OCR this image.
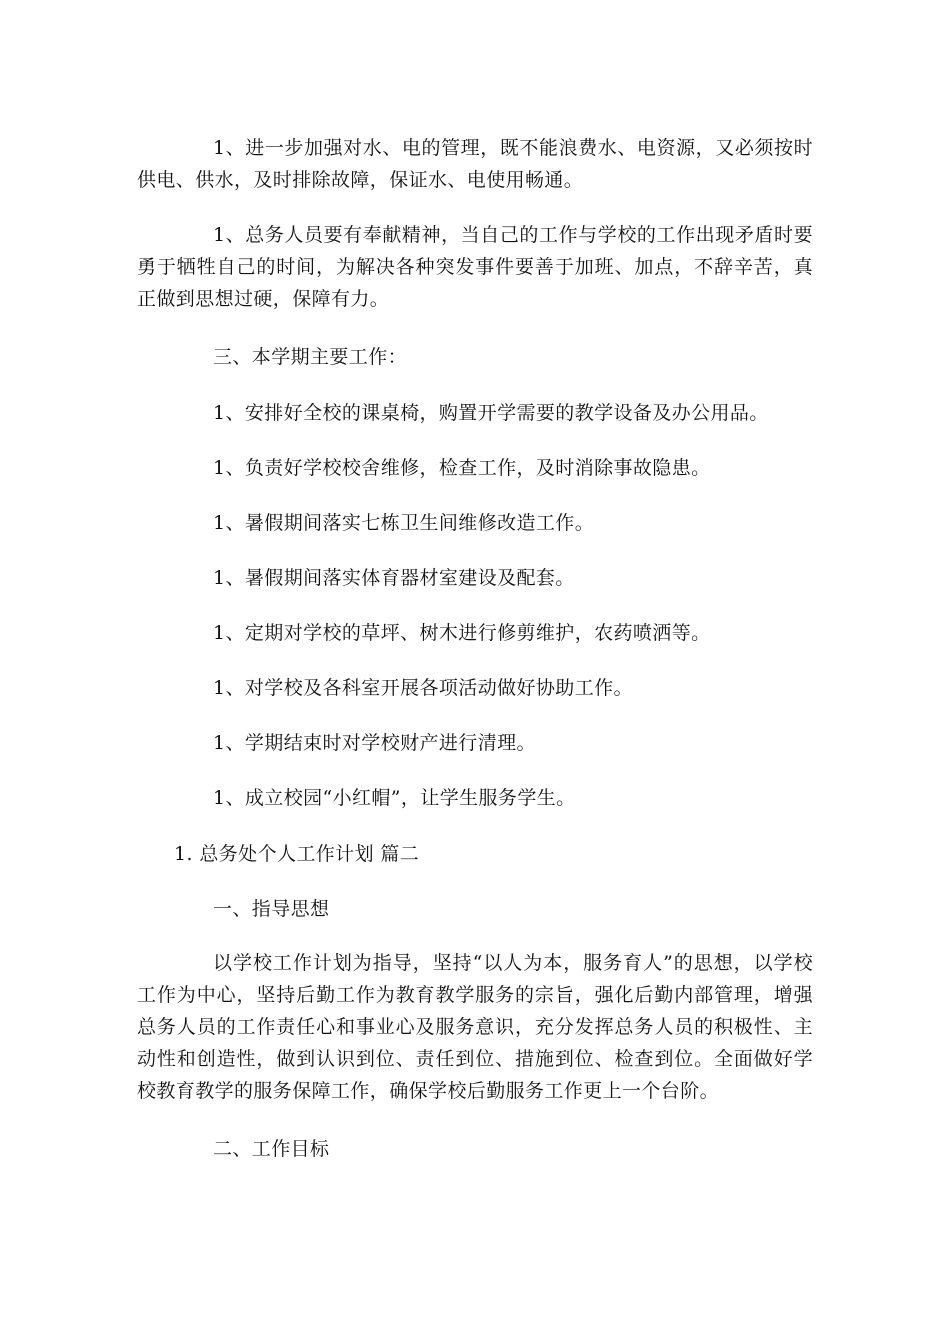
1、进一步加强对水、电的管理，既不能浪费水、电资源，又必须按时供电、供水，及时排除故障，保证水、电使用畅通。

1、总务人员要有奉献精神，当自己的工作与学校的工作出现矛盾时要勇于牺牲自己的时间，为解决各种突发事件要善于加班、加点，不辞辛苦，真正做到思想过硬，保障有力。

三、本学期主要工作：

1、安排好全校的课桌椅，购置开学需要的教学设备及办公用品。

1、负责好学校校舍维修，检查工作，及时消除事故隐患。

1、暑假期间落实七栋卫生间维修改造工作。

1、暑假期间落实体育器材室建设及配套。

1、定期对学校的草坪、树木进行修剪维护，农药喷洒等。

1、对学校及各科室开展各项活动做好协助工作。

1、学期结束时对学校财产进行清理。

1、成立校园“小红帽”，让学生服务学生。

1. 总务处个人工作计划 篇二

一、指导思想

以学校工作计划为指导，坚持“以人为本，服务育人”的思想，以学校工作为中心，坚持后勤工作为教育教学服务的宗旨，强化后勤内部管理，增强总务人员的工作责任心和事业心及服务意识，充分发挥总务人员的积极性、主动性和创造性，做到认识到位、责任到位、措施到位、检查到位。全面做好学校教育教学的服务保障工作，确保学校后勤服务工作更上一个台阶。

二、工作目标
